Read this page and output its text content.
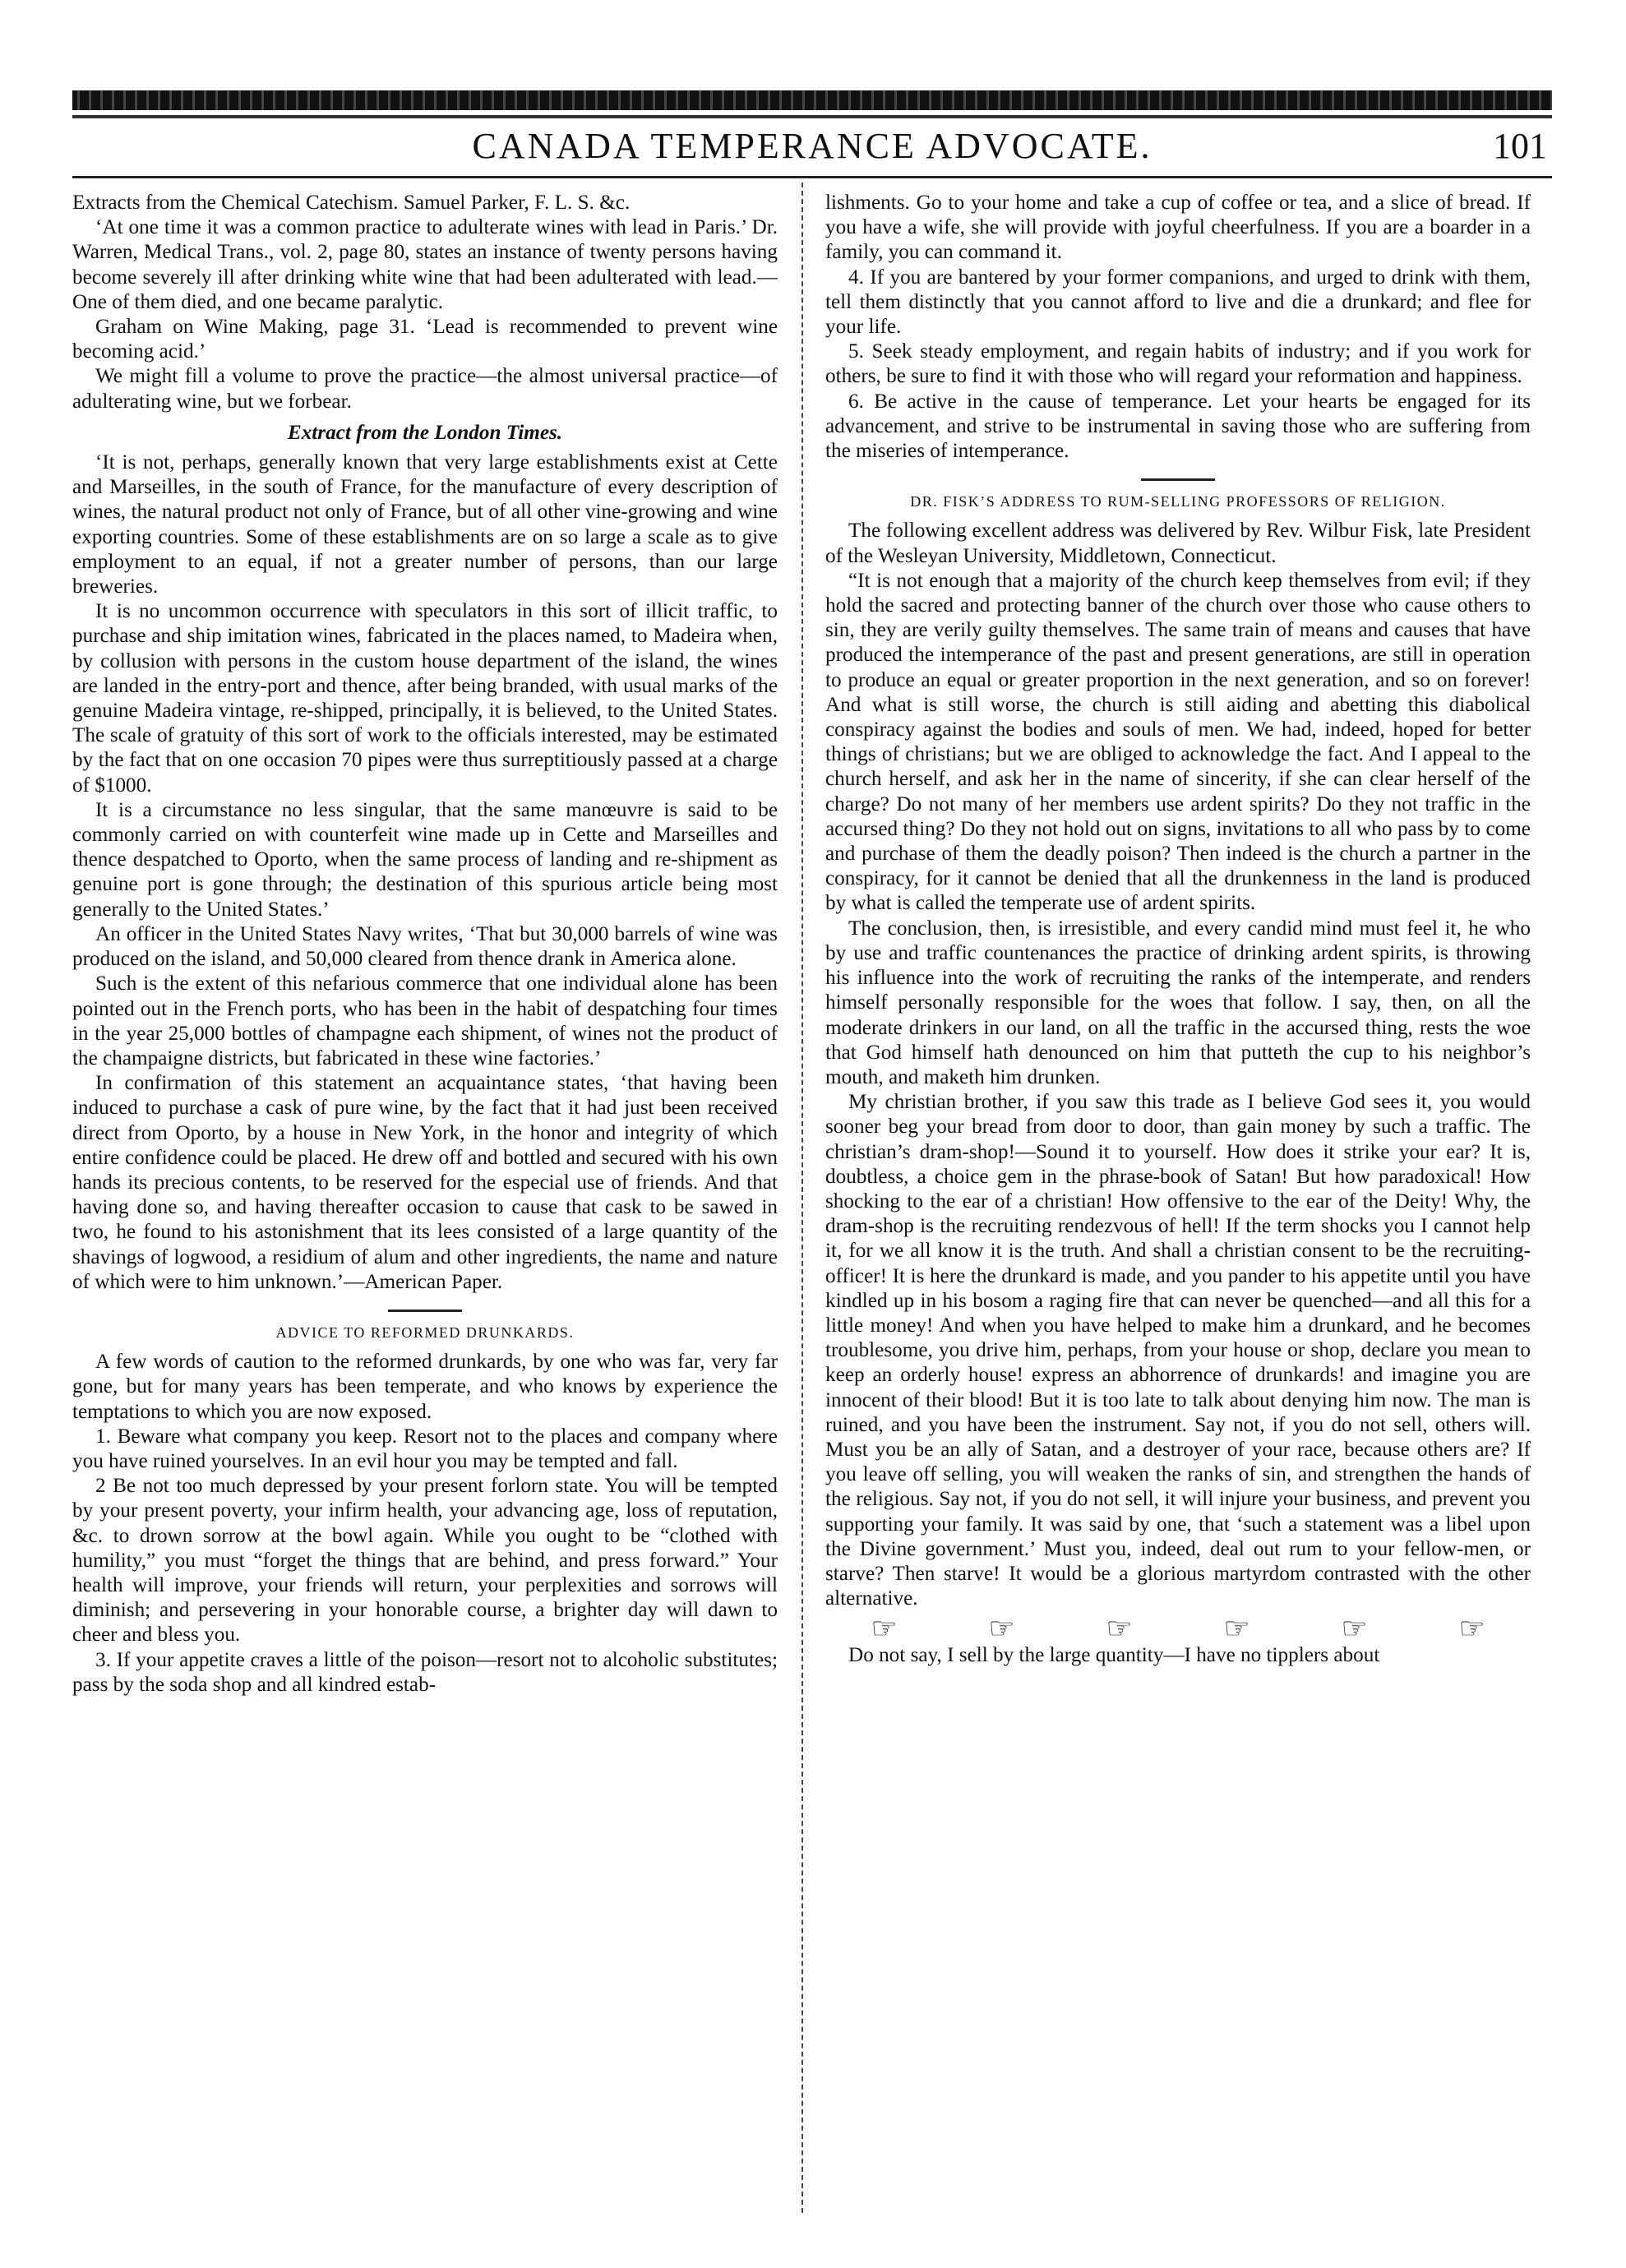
CANADA TEMPERANCE ADVOCATE.	101

Extracts from the Chemical Catechism. Samuel Parker, F. L. S. &c.

‘At one time it was a common practice to adulterate wines with lead in Paris.’ Dr. Warren, Medical Trans., vol. 2, page 80, states an instance of twenty persons having become severely ill after drinking white wine that had been adulterated with lead.—One of them died, and one became paralytic.

Graham on Wine Making, page 31. ‘Lead is recommended to prevent wine becoming acid.’

We might fill a volume to prove the practice—the almost universal practice—of adulterating wine, but we forbear.

Extract from the London Times.

‘It is not, perhaps, generally known that very large establishments exist at Cette and Marseilles, in the south of France, for the manufacture of every description of wines, the natural product not only of France, but of all other vine-growing and wine exporting countries. Some of these establishments are on so large a scale as to give employment to an equal, if not a greater number of persons, than our large breweries.

It is no uncommon occurrence with speculators in this sort of illicit traffic, to purchase and ship imitation wines, fabricated in the places named, to Madeira when, by collusion with persons in the custom house department of the island, the wines are landed in the entry-port and thence, after being branded, with usual marks of the genuine Madeira vintage, re-shipped, principally, it is believed, to the United States. The scale of gratuity of this sort of work to the officials interested, may be estimated by the fact that on one occasion 70 pipes were thus surreptitiously passed at a charge of $1000.

It is a circumstance no less singular, that the same manœuvre is said to be commonly carried on with counterfeit wine made up in Cette and Marseilles and thence despatched to Oporto, when the same process of landing and re-shipment as genuine port is gone through; the destination of this spurious article being most generally to the United States.’

An officer in the United States Navy writes, ‘That but 30,000 barrels of wine was produced on the island, and 50,000 cleared from thence drank in America alone.

Such is the extent of this nefarious commerce that one individual alone has been pointed out in the French ports, who has been in the habit of despatching four times in the year 25,000 bottles of champagne each shipment, of wines not the product of the champaigne districts, but fabricated in these wine factories.’

In confirmation of this statement an acquaintance states, ‘that having been induced to purchase a cask of pure wine, by the fact that it had just been received direct from Oporto, by a house in New York, in the honor and integrity of which entire confidence could be placed. He drew off and bottled and secured with his own hands its precious contents, to be reserved for the especial use of friends. And that having done so, and having thereafter occasion to cause that cask to be sawed in two, he found to his astonishment that its lees consisted of a large quantity of the shavings of logwood, a residium of alum and other ingredients, the name and nature of which were to him unknown.’—American Paper.

ADVICE TO REFORMED DRUNKARDS.

A few words of caution to the reformed drunkards, by one who was far, very far gone, but for many years has been temperate, and who knows by experience the temptations to which you are now exposed.

1. Beware what company you keep. Resort not to the places and company where you have ruined yourselves. In an evil hour you may be tempted and fall.

2 Be not too much depressed by your present forlorn state. You will be tempted by your present poverty, your infirm health, your advancing age, loss of reputation, &c. to drown sorrow at the bowl again. While you ought to be “clothed with humility,” you must “forget the things that are behind, and press forward.” Your health will improve, your friends will return, your perplexities and sorrows will diminish; and persevering in your honorable course, a brighter day will dawn to cheer and bless you.

3. If your appetite craves a little of the poison—resort not to alcoholic substitutes; pass by the soda shop and all kindred estab-

lishments. Go to your home and take a cup of coffee or tea, and a slice of bread. If you have a wife, she will provide with joyful cheerfulness. If you are a boarder in a family, you can command it.

4. If you are bantered by your former companions, and urged to drink with them, tell them distinctly that you cannot afford to live and die a drunkard; and flee for your life.

5. Seek steady employment, and regain habits of industry; and if you work for others, be sure to find it with those who will regard your reformation and happiness.

6. Be active in the cause of temperance. Let your hearts be engaged for its advancement, and strive to be instrumental in saving those who are suffering from the miseries of intemperance.

DR. FISK’S ADDRESS TO RUM-SELLING PROFESSORS OF RELIGION.

The following excellent address was delivered by Rev. Wilbur Fisk, late President of the Wesleyan University, Middletown, Connecticut.

“It is not enough that a majority of the church keep themselves from evil; if they hold the sacred and protecting banner of the church over those who cause others to sin, they are verily guilty themselves. The same train of means and causes that have produced the intemperance of the past and present generations, are still in operation to produce an equal or greater proportion in the next generation, and so on forever! And what is still worse, the church is still aiding and abetting this diabolical conspiracy against the bodies and souls of men. We had, indeed, hoped for better things of christians; but we are obliged to acknowledge the fact. And I appeal to the church herself, and ask her in the name of sincerity, if she can clear herself of the charge? Do not many of her members use ardent spirits? Do they not traffic in the accursed thing? Do they not hold out on signs, invitations to all who pass by to come and purchase of them the deadly poison? Then indeed is the church a partner in the conspiracy, for it cannot be denied that all the drunkenness in the land is produced by what is called the temperate use of ardent spirits.

The conclusion, then, is irresistible, and every candid mind must feel it, he who by use and traffic countenances the practice of drinking ardent spirits, is throwing his influence into the work of recruiting the ranks of the intemperate, and renders himself personally responsible for the woes that follow. I say, then, on all the moderate drinkers in our land, on all the traffic in the accursed thing, rests the woe that God himself hath denounced on him that putteth the cup to his neighbor’s mouth, and maketh him drunken.

My christian brother, if you saw this trade as I believe God sees it, you would sooner beg your bread from door to door, than gain money by such a traffic. The christian’s dram-shop!—Sound it to yourself. How does it strike your ear? It is, doubtless, a choice gem in the phrase-book of Satan! But how paradoxical! How shocking to the ear of a christian! How offensive to the ear of the Deity! Why, the dram-shop is the recruiting rendezvous of hell! If the term shocks you I cannot help it, for we all know it is the truth. And shall a christian consent to be the recruiting-officer! It is here the drunkard is made, and you pander to his appetite until you have kindled up in his bosom a raging fire that can never be quenched—and all this for a little money! And when you have helped to make him a drunkard, and he becomes troublesome, you drive him, perhaps, from your house or shop, declare you mean to keep an orderly house! express an abhorrence of drunkards! and imagine you are innocent of their blood! But it is too late to talk about denying him now. The man is ruined, and you have been the instrument. Say not, if you do not sell, others will. Must you be an ally of Satan, and a destroyer of your race, because others are? If you leave off selling, you will weaken the ranks of sin, and strengthen the hands of the religious. Say not, if you do not sell, it will injure your business, and prevent you supporting your family. It was said by one, that ‘such a statement was a libel upon the Divine government.’ Must you, indeed, deal out rum to your fellow-men, or starve? Then starve! It would be a glorious martyrdom contrasted with the other alternative.

☞	☞	☞	☞	☞	☞

Do not say, I sell by the large quantity—I have no tipplers about
